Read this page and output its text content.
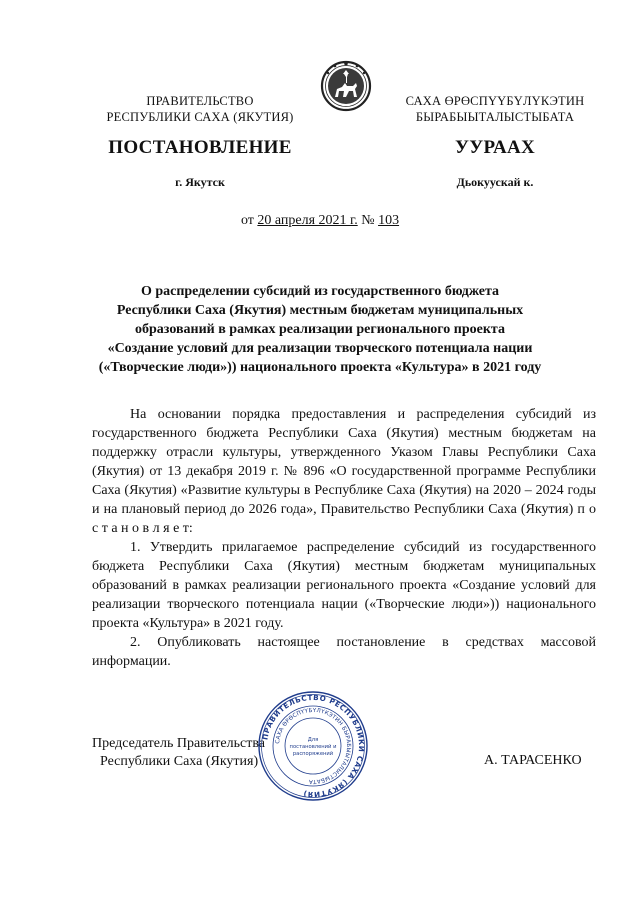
ПРАВИТЕЛЬСТВО
РЕСПУБЛИКИ САХА (ЯКУТИЯ)
САХА ӨРӨСПҮҮБҮЛҮКЭТИН
БЫРАБЫЫТАЛЫСТЫБАТА
ПОСТАНОВЛЕНИЕ	УУРААХ
г. Якутск	Дьокуускай к.
от 20 апреля 2021 г. № 103
О распределении субсидий из государственного бюджета
Республики Саха (Якутия) местным бюджетам муниципальных
образований в рамках реализации регионального проекта
«Создание условий для реализации творческого потенциала нации
(«Творческие люди»)) национального проекта «Культура» в 2021 году

На основании порядка предоставления и распределения субсидий из государственного бюджета Республики Саха (Якутия) местным бюджетам на поддержку отрасли культуры, утвержденного Указом Главы Республики Саха (Якутия) от 13 декабря 2019 г. № 896 «О государственной программе Республики Саха (Якутия) «Развитие культуры в Республике Саха (Якутия) на 2020 – 2024 годы и на плановый период до 2026 года», Правительство Республики Саха (Якутия) п о с т а н о в л я е т:

1. Утвердить прилагаемое распределение субсидий из государственного бюджета Республики Саха (Якутия) местным бюджетам муниципальных образований в рамках реализации регионального проекта «Создание условий для реализации творческого потенциала нации («Творческие люди»)) национального проекта «Культура» в 2021 году.

2. Опубликовать настоящее постановление в средствах массовой информации.

Председатель Правительства
Республики Саха (Якутия)	А. ТАРАСЕНКО
ПРАВИТЕЛЬСТВО РЕСПУБЛИКИ САХА (ЯКУТИЯ)
САХА ӨРӨСПҮҮБҮЛҮКЭТИН БЫРАБЫЫТАЛЫСТЫБАТА
Для
постановлений и
распоряжений
